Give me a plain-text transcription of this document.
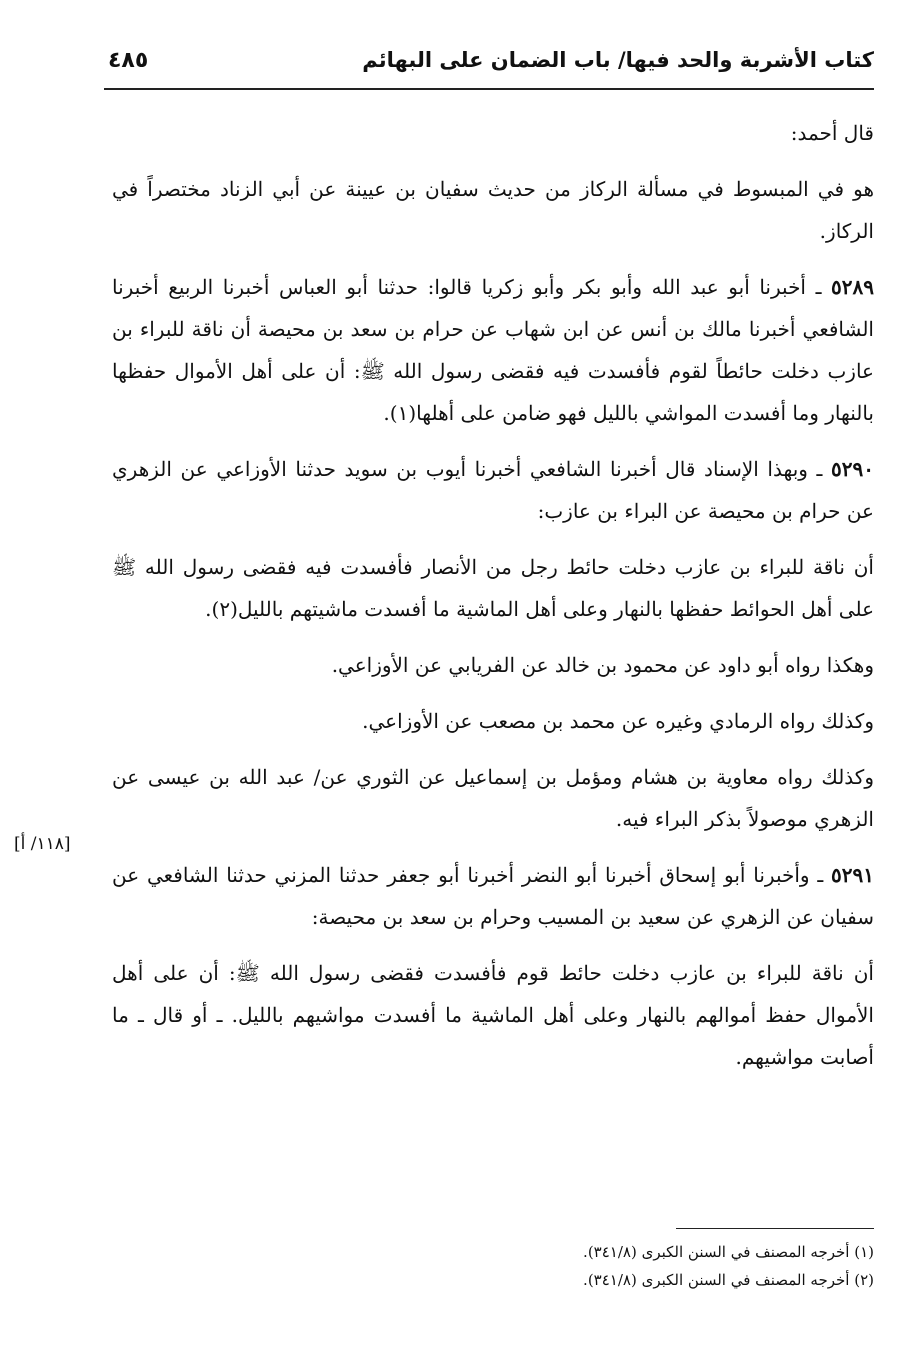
كتاب الأشربة والحد فيها/ باب الضمان على البهائم
٤٨٥

قال أحمد:

هو في المبسوط في مسألة الركاز من حديث سفيان بن عيينة عن أبي الزناد مختصراً في الركاز.

٥٢٨٩ ـ أخبرنا أبو عبد الله وأبو بكر وأبو زكريا قالوا: حدثنا أبو العباس أخبرنا الربيع أخبرنا الشافعي أخبرنا مالك بن أنس عن ابن شهاب عن حرام بن سعد بن محيصة أن ناقة للبراء بن عازب دخلت حائطاً لقوم فأفسدت فيه فقضى رسول الله ﷺ: أن على أهل الأموال حفظها بالنهار وما أفسدت المواشي بالليل فهو ضامن على أهلها(١).

٥٢٩٠ ـ وبهذا الإسناد قال أخبرنا الشافعي أخبرنا أيوب بن سويد حدثنا الأوزاعي عن الزهري عن حرام بن محيصة عن البراء بن عازب:

أن ناقة للبراء بن عازب دخلت حائط رجل من الأنصار فأفسدت فيه فقضى رسول الله ﷺ على أهل الحوائط حفظها بالنهار وعلى أهل الماشية ما أفسدت ماشيتهم بالليل(٢).

وهكذا رواه أبو داود عن محمود بن خالد عن الفريابي عن الأوزاعي.

وكذلك رواه الرمادي وغيره عن محمد بن مصعب عن الأوزاعي.

وكذلك رواه معاوية بن هشام ومؤمل بن إسماعيل عن الثوري عن/ عبد الله بن عيسى عن الزهري موصولاً بذكر البراء فيه.

٥٢٩١ ـ وأخبرنا أبو إسحاق أخبرنا أبو النضر أخبرنا أبو جعفر حدثنا المزني حدثنا الشافعي عن سفيان عن الزهري عن سعيد بن المسيب وحرام بن سعد بن محيصة:

أن ناقة للبراء بن عازب دخلت حائط قوم فأفسدت فقضى رسول الله ﷺ: أن على أهل الأموال حفظ أموالهم بالنهار وعلى أهل الماشية ما أفسدت مواشيهم بالليل. ـ أو قال ـ ما أصابت مواشيهم.

[١١٨/ أ]
(١) أخرجه المصنف في السنن الكبرى (٣٤١/٨).
(٢) أخرجه المصنف في السنن الكبرى (٣٤١/٨).
